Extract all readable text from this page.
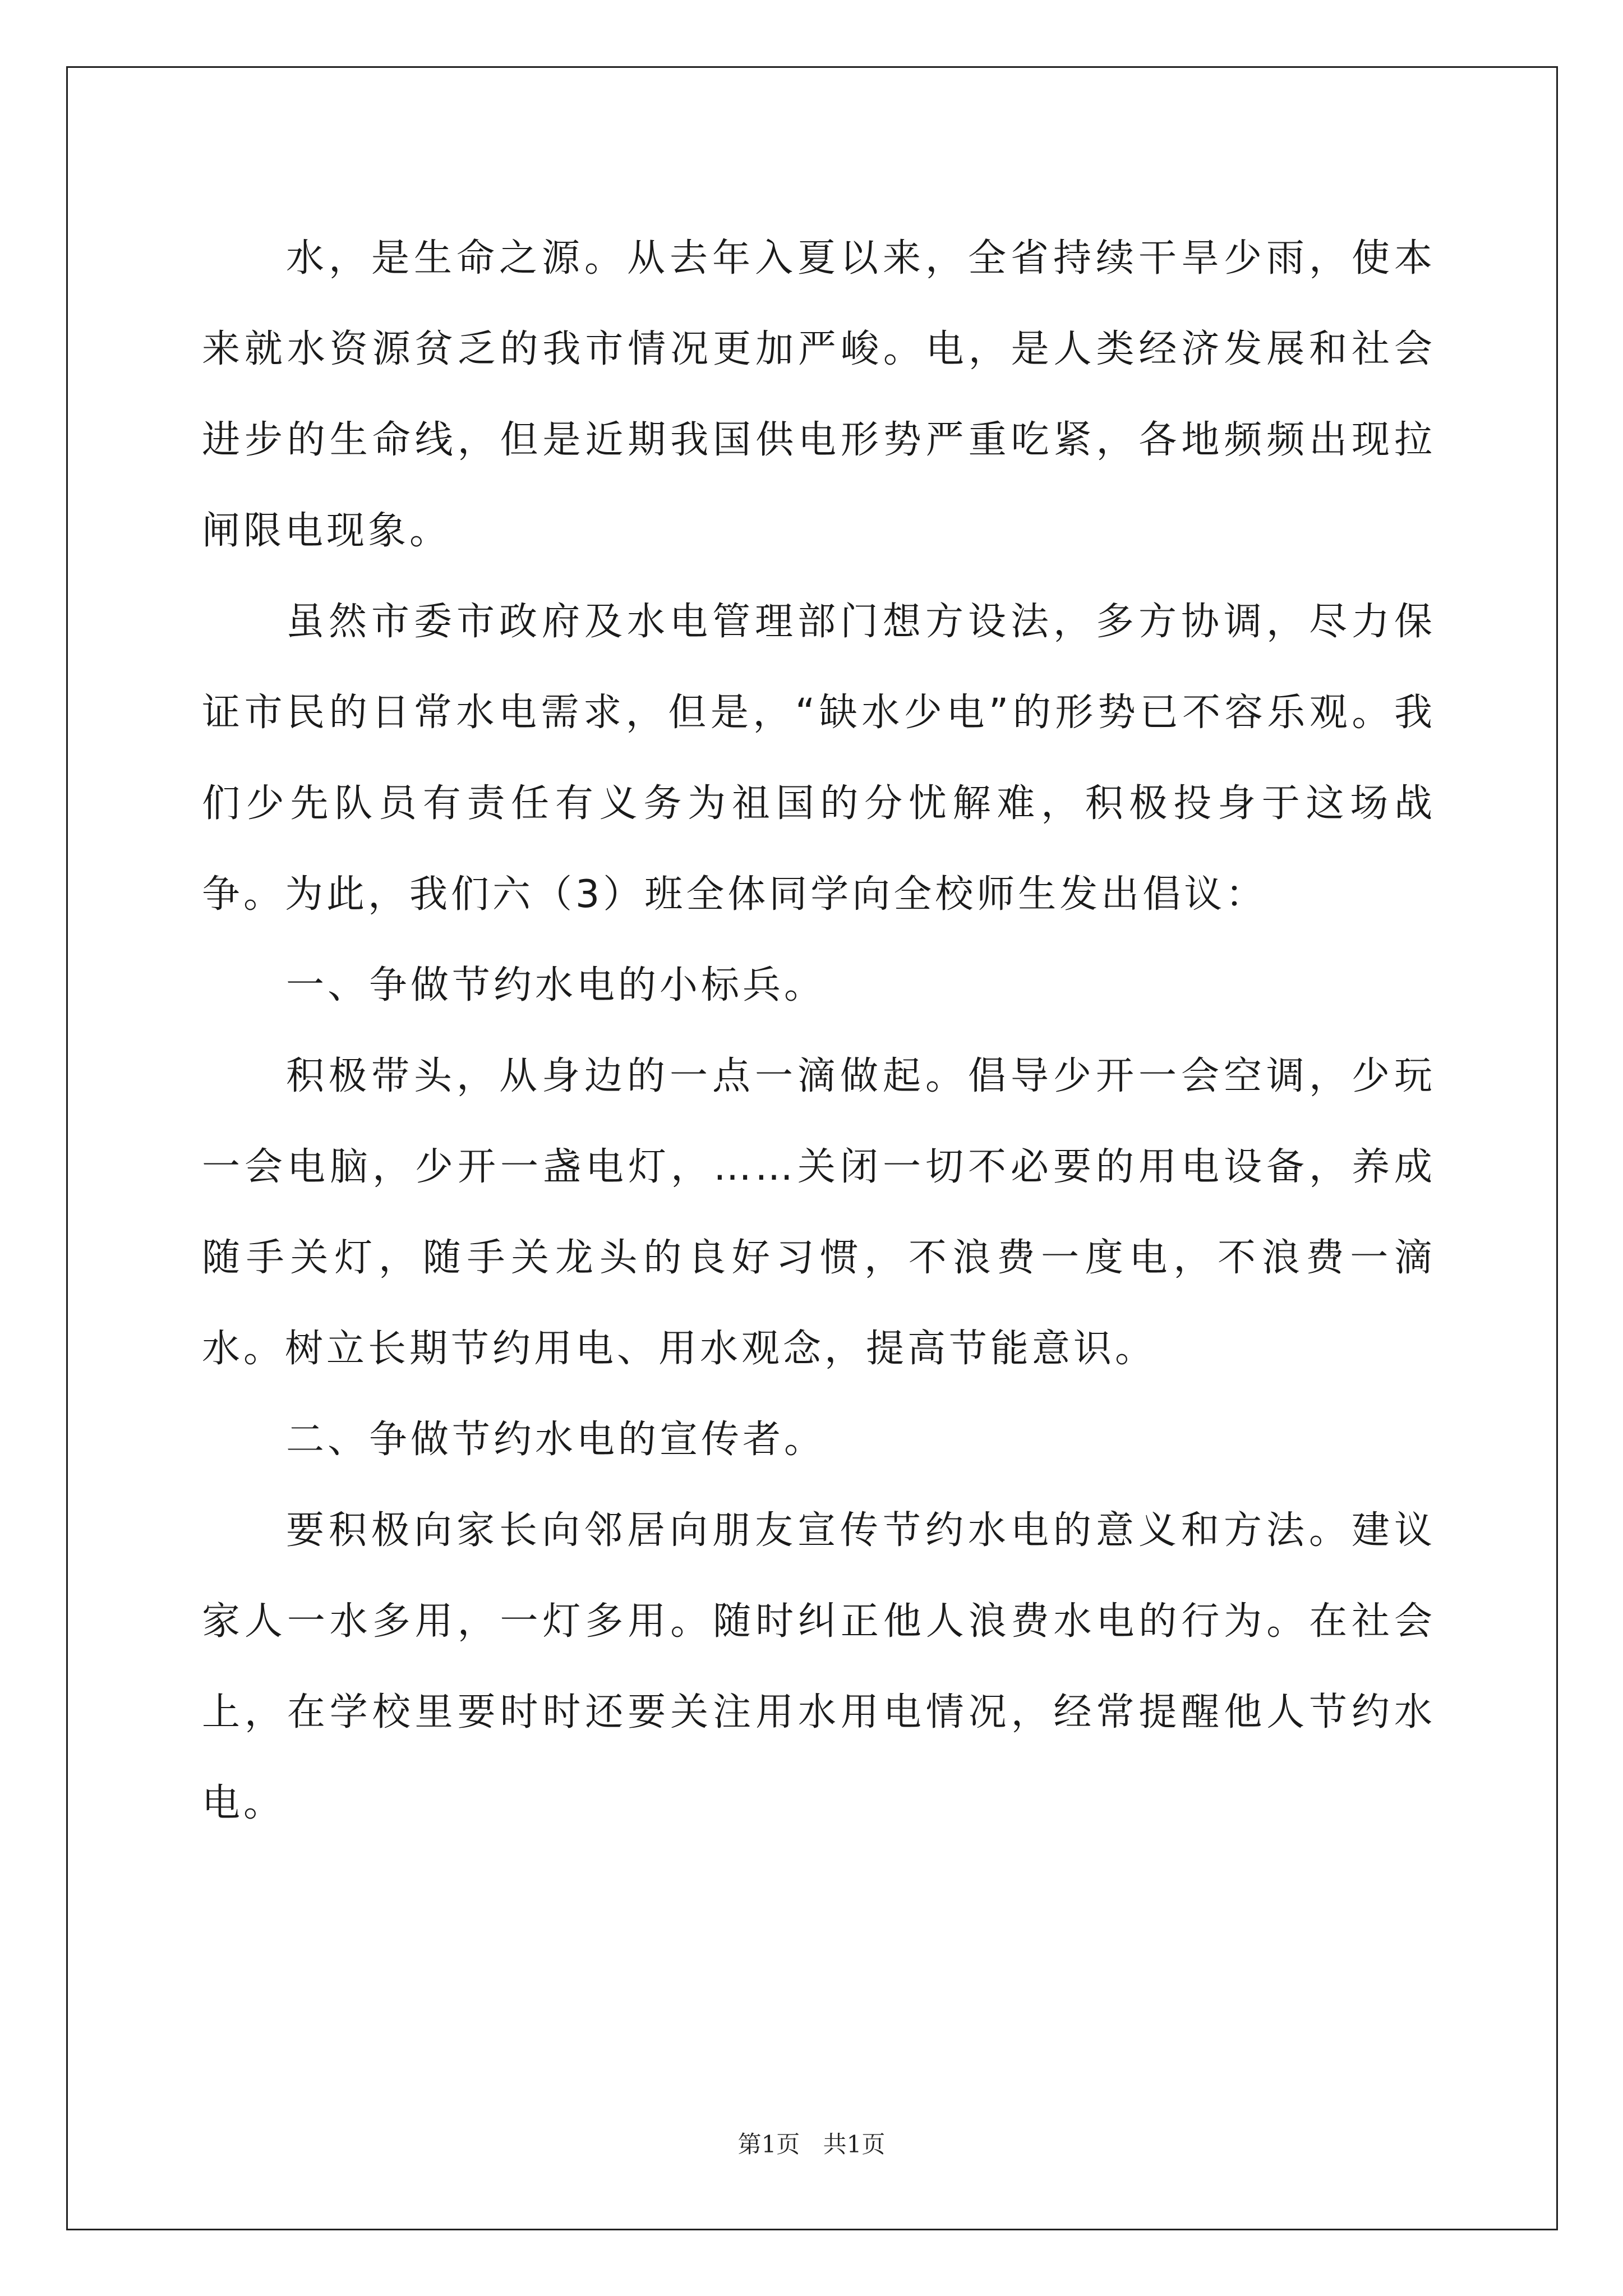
水，是生命之源。从去年入夏以来，全省持续干旱少雨，使本来就水资源贫乏的我市情况更加严峻。电，是人类经济发展和社会进步的生命线，但是近期我国供电形势严重吃紧，各地频频出现拉闸限电现象。

虽然市委市政府及水电管理部门想方设法，多方协调，尽力保证市民的日常水电需求，但是，“缺水少电”的形势已不容乐观。我们少先队员有责任有义务为祖国的分忧解难，积极投身于这场战争。为此，我们六（3）班全体同学向全校师生发出倡议：

一、争做节约水电的小标兵。

积极带头，从身边的一点一滴做起。倡导少开一会空调，少玩一会电脑，少开一盏电灯，……关闭一切不必要的用电设备，养成随手关灯，随手关龙头的良好习惯，不浪费一度电，不浪费一滴水。树立长期节约用电、用水观念，提高节能意识。

二、争做节约水电的宣传者。

要积极向家长向邻居向朋友宣传节约水电的意义和方法。建议家人一水多用，一灯多用。随时纠正他人浪费水电的行为。在社会上，在学校里要时时还要关注用水用电情况，经常提醒他人节约水电。

第1页 共1页
